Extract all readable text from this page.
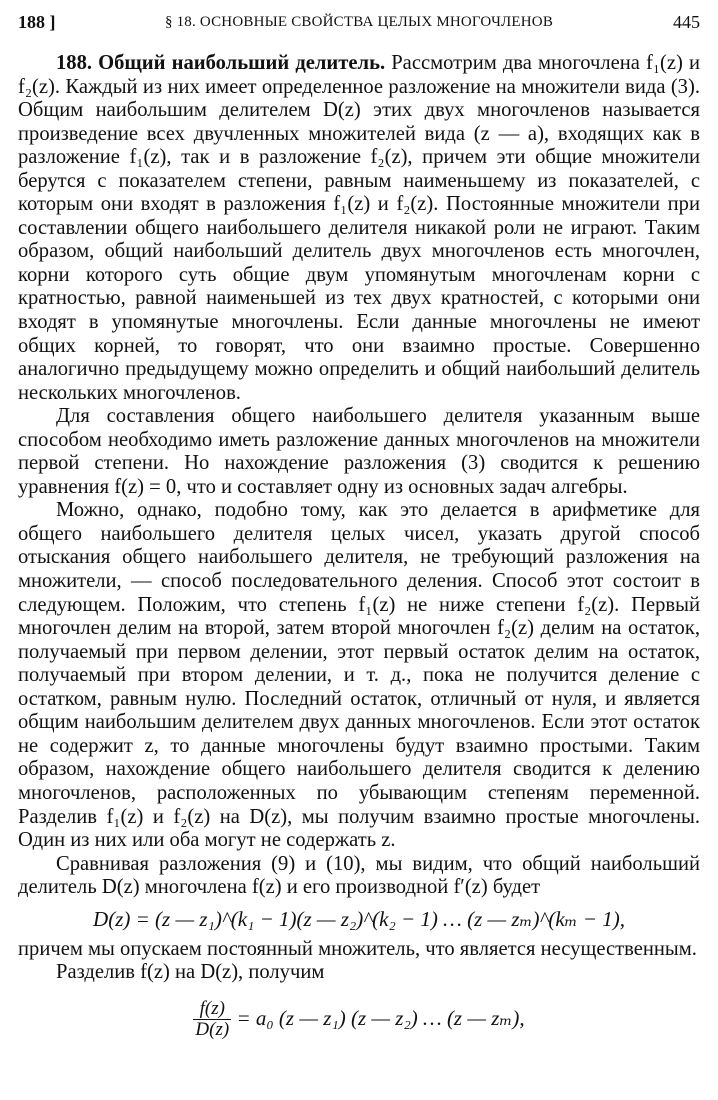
188 ]	§ 18. ОСНОВНЫЕ СВОЙСТВА ЦЕЛЫХ МНОГОЧЛЕНОВ	445

188. Общий наибольший делитель. Рассмотрим два многочлена f₁(z) и f₂(z). Каждый из них имеет определенное разложение на множители вида (3). Общим наибольшим делителем D(z) этих двух многочленов называется произведение всех двучленных множителей вида (z — a), входящих как в разложение f₁(z), так и в разложение f₂(z), причем эти общие множители берутся с показателем степени, равным наименьшему из показателей, с которым они входят в разложения f₁(z) и f₂(z). Постоянные множители при составлении общего наибольшего делителя никакой роли не играют. Таким образом, общий наибольший делитель двух многочленов есть многочлен, корни которого суть общие двум упомянутым многочленам корни с кратностью, равной наименьшей из тех двух кратностей, с которыми они входят в упомянутые многочлены. Если данные многочлены не имеют общих корней, то говорят, что они взаимно простые. Совершенно аналогично предыдущему можно определить и общий наибольший делитель нескольких многочленов.

Для составления общего наибольшего делителя указанным выше способом необходимо иметь разложение данных многочленов на множители первой степени. Но нахождение разложения (3) сводится к решению уравнения f(z) = 0, что и составляет одну из основных задач алгебры.

Можно, однако, подобно тому, как это делается в арифметике для общего наибольшего делителя целых чисел, указать другой способ отыскания общего наибольшего делителя, не требующий разложения на множители, — способ последовательного деления. Способ этот состоит в следующем. Положим, что степень f₁(z) не ниже степени f₂(z). Первый многочлен делим на второй, затем второй многочлен f₂(z) делим на остаток, получаемый при первом делении, этот первый остаток делим на остаток, получаемый при втором делении, и т. д., пока не получится деление с остатком, равным нулю. Последний остаток, отличный от нуля, и является общим наибольшим делителем двух данных многочленов. Если этот остаток не содержит z, то данные многочлены будут взаимно простыми. Таким образом, нахождение общего наибольшего делителя сводится к делению многочленов, расположенных по убывающим степеням переменной. Разделив f₁(z) и f₂(z) на D(z), мы получим взаимно простые многочлены. Один из них или оба могут не содержать z.

Сравнивая разложения (9) и (10), мы видим, что общий наибольший делитель D(z) многочлена f(z) и его производной f′(z) будет

D(z) = (z — z₁)^(k₁ − 1)(z — z₂)^(k₂ − 1) … (z — zₘ)^(kₘ − 1),

причем мы опускаем постоянный множитель, что является несущественным.

Разделив f(z) на D(z), получим

$\frac{f(z)}{D(z)} = a_0$ (z — z₁) (z — z₂) … (z — zₘ),
